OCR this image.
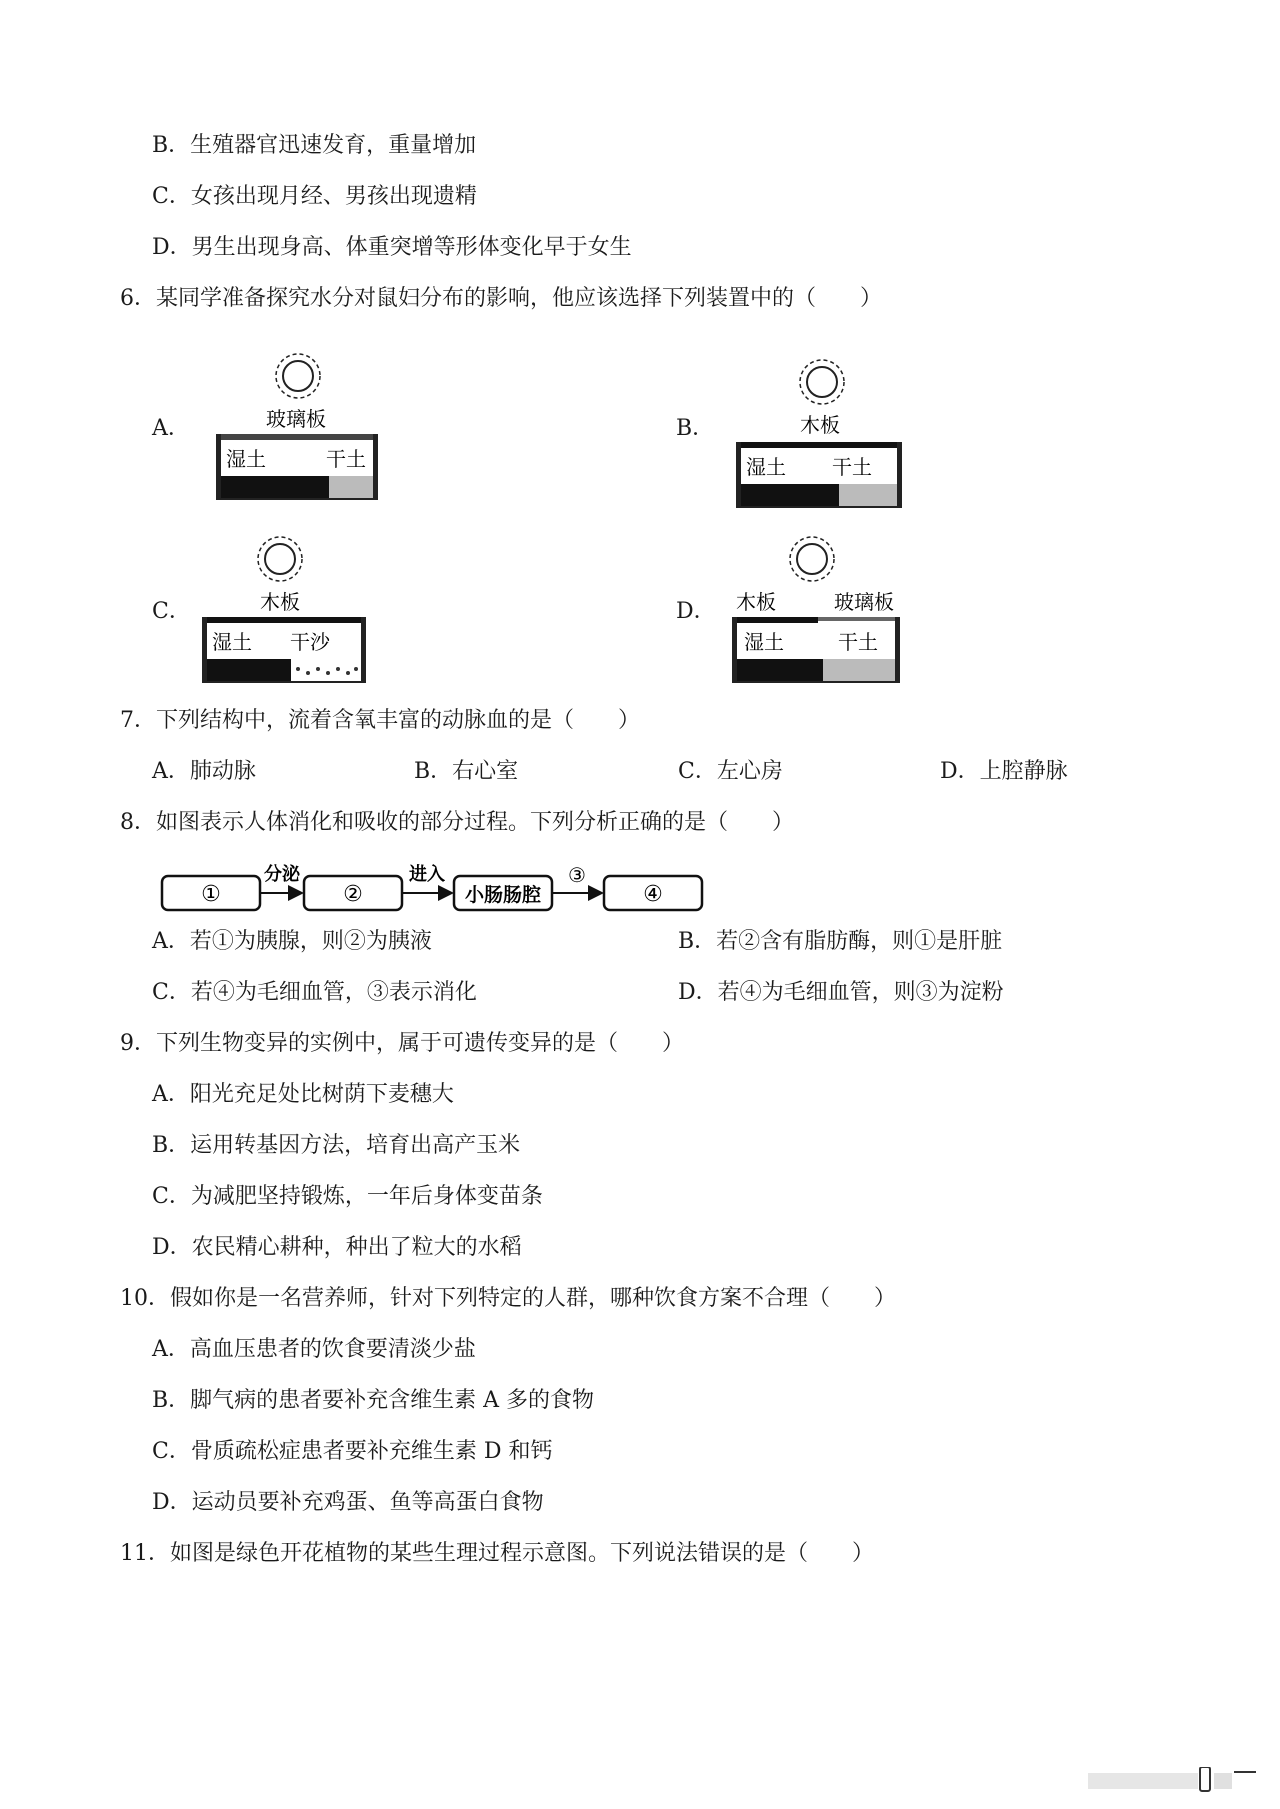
B．生殖器官迅速发育，重量增加
C．女孩出现月经、男孩出现遗精
D．男生出现身高、体重突增等形体变化早于女生
6．某同学准备探究水分对鼠妇分布的影响，他应该选择下列装置中的（　　）
A．	玻璃板
湿土	干土
B．	木板
湿土 干土
C．	木板
湿土 干沙
D． 木板	玻璃板
湿土	干土
7．下列结构中，流着含氧丰富的动脉血的是（　　）
A．肺动脉	B．右心室	C．左心房	D．上腔静脉
8．如图表示人体消化和吸收的部分过程。下列分析正确的是（　　）
①
分泌
②
进入
小肠肠腔
③
④
A．若①为胰腺，则②为胰液	B．若②含有脂肪酶，则①是肝脏
C．若④为毛细血管，③表示消化	D．若④为毛细血管，则③为淀粉
9．下列生物变异的实例中，属于可遗传变异的是（　　）
A．阳光充足处比树荫下麦穗大
B．运用转基因方法，培育出高产玉米
C．为减肥坚持锻炼，一年后身体变苗条
D．农民精心耕种，种出了粒大的水稻
10．假如你是一名营养师，针对下列特定的人群，哪种饮食方案不合理（　　）
A．高血压患者的饮食要清淡少盐
B．脚气病的患者要补充含维生素 A 多的食物
C．骨质疏松症患者要补充维生素 D 和钙
D．运动员要补充鸡蛋、鱼等高蛋白食物
11．如图是绿色开花植物的某些生理过程示意图。下列说法错误的是（　　）
